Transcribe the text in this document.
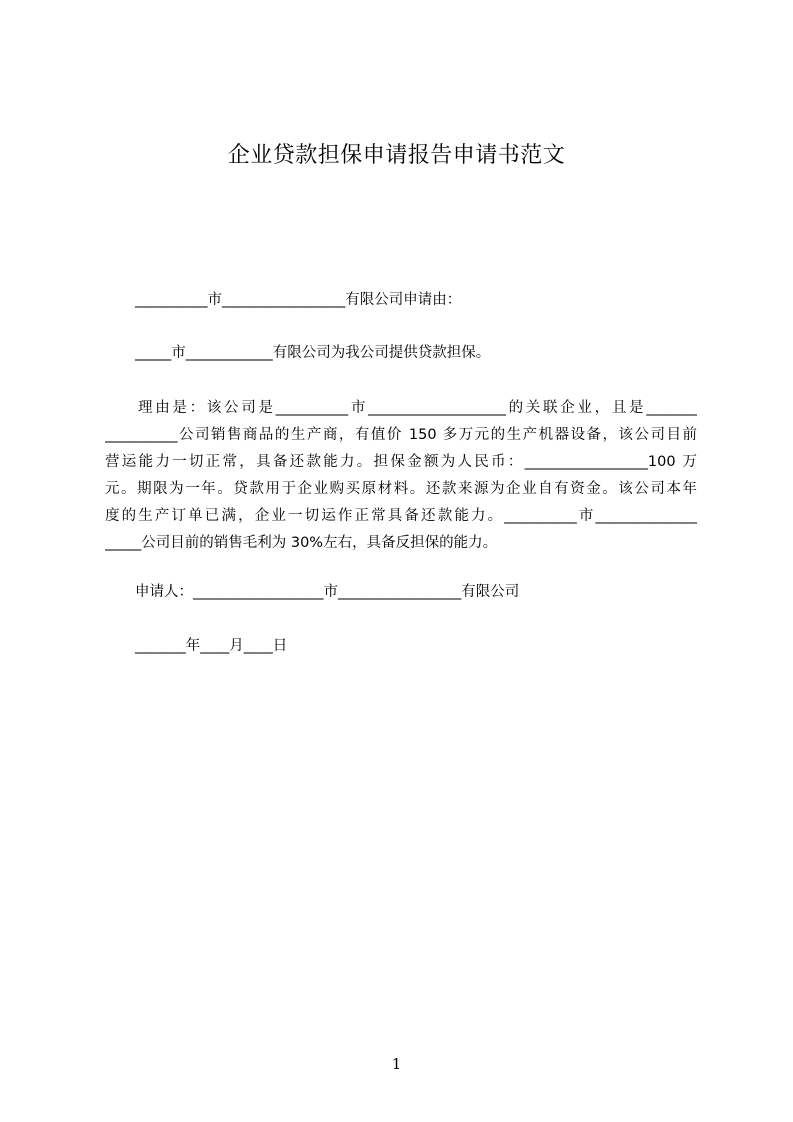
企业贷款担保申请报告申请书范文
__________市_________________有限公司申请由：
_____市____________有限公司为我公司提供贷款担保。
理由是：该公司是__________市___________________的关联企业，且是_______
__________公司销售商品的生产商，有值价 150 多万元的生产机器设备，该公司目前
营运能力一切正常，具备还款能力。担保金额为人民币：_________________100 万
元。期限为一年。贷款用于企业购买原材料。还款来源为企业自有资金。该公司本年
度的生产订单已满，企业一切运作正常具备还款能力。__________市______________
_____公司目前的销售毛利为 30%左右，具备反担保的能力。
申请人：__________________市_________________有限公司
_______年____月____日
1
